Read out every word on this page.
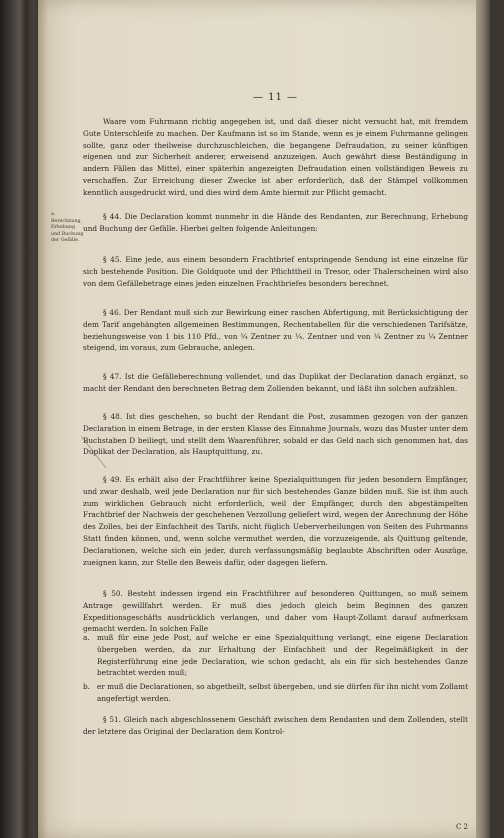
— 11 —

Waare vom Fuhrmann richtig angegeben ist, und daß dieser nicht versucht hat, mit fremdem Gute Unterschleife zu machen. Der Kaufmann ist so im Stande, wenn es je einem Fuhrmanne gelingen sollte, ganz oder theilweise durchzuschleichen, die begangene Defraudation, zu seiner künftigen eigenen und zur Sicherheit anderer, erweisend anzuzeigen. Auch gewährt diese Beständigung in andern Fällen das Mittel, einer späterhin angezeigten Defraudation einen vollständigen Beweis zu verschaffen. Zur Erreichung dieser Zwecke ist aber erforderlich, daß der Stämpel vollkommen kenntlich ausgedruckt wird, und dies wird dem Amte hiermit zur Pflicht gemacht.

a. Berechnung, Erhebung und Buchung der Gefälle.

§ 44. Die Declaration kommt nunmehr in die Hände des Rendanten, zur Berechnung, Erhebung und Buchung der Gefälle. Hierbei gelten folgende Anleitungen:

§ 45. Eine jede, aus einem besondern Frachtbrief entspringende Sendung ist eine einzelne für sich bestehende Position. Die Goldquote und der Pflichttheil in Tresor, oder Thalerscheinen wird also von dem Gefällebetrage eines jeden einzelnen Frachtbriefes besonders berechnet.

§ 46. Der Rendant muß sich zur Bewirkung einer raschen Abfertigung, mit Berücksichtigung der dem Tarif angehängten allgemeinen Bestimmungen, Rechentabellen für die verschiedenen Tarifsätze, beziehungsweise von 1 bis 110 Pfd., von ¼ Zentner zu ¼. Zentner und von ¼ Zentner zu ¼ Zentner steigend, im voraus, zum Gebrauche, anlegen.

§ 47. Ist die Gefälleberechnung vollendet, und das Duplikat der Declaration danach ergänzt, so macht der Rendant den berechneten Betrag dem Zollenden bekannt, und läßt ihn solchen aufzählen.

§ 48. Ist dies geschehen, so bucht der Rendant die Post, zusammen gezogen von der ganzen Declaration in einem Betrage, in der ersten Klasse des Einnahme Journals, wozu das Muster unter dem Buchstaben D beiliegt, und stellt dem Waarenführer, sobald er das Geld nach sich genommen hat, das Duplikat der Declaration, als Hauptquittung, zu.

§ 49. Es erhält also der Frachtführer keine Spezialquittungen für jeden besondern Empfänger, und zwar deshalb, weil jede Declaration nur für sich bestehendes Ganze bilden muß. Sie ist ihm auch zum wirklichen Gebrauch nicht erforderlich, weil der Empfänger, durch den abgestämpelten Frachtbrief der Nachweis der geschehenen Verzollung geliefert wird, wegen der Anrechnung der Höhe des Zolles, bei der Einfachheit des Tarifs, nicht füglich Ueberverheilungen von Seiten des Fuhrmanns Statt finden können, und, wenn solche vermuthet werden, die vorzuzeigende, als Quittung geltende, Declarationen, welche sich ein jeder, durch verfassungsmäßig beglaubte Abschriften oder Auszüge, zueignen kann, zur Stelle den Beweis dafür, oder dagegen liefern.

§ 50. Besteht indessen irgend ein Frachtführer auf besonderen Quittungen, so muß seinem Antrage gewillfahrt werden. Er muß dies jedoch gleich beim Beginnen des ganzen Expeditionsgeschäfts ausdrücklich verlangen, und daher vom Haupt-Zollamt darauf aufmerksam gemacht werden. In solchen Falle

a. muß für eine jede Post, auf welche er eine Spezialquittung verlangt, eine eigene Declaration übergeben werden, da zur Erhaltung der Einfachheit und der Regelmäßigkeit in der Registerführung eine jede Declaration, wie schon gedacht, als ein für sich bestehendes Ganze betrachtet werden muß;
b. er muß die Declarationen, so abgetheilt, selbst übergeben, und sie dürfen für ihn nicht vom Zollamt angefertigt werden.

§ 51. Gleich nach abgeschlossenem Geschäft zwischen dem Rendanten und dem Zollenden, stellt der letztere das Original der Declaration dem Kontrol-

C 2
